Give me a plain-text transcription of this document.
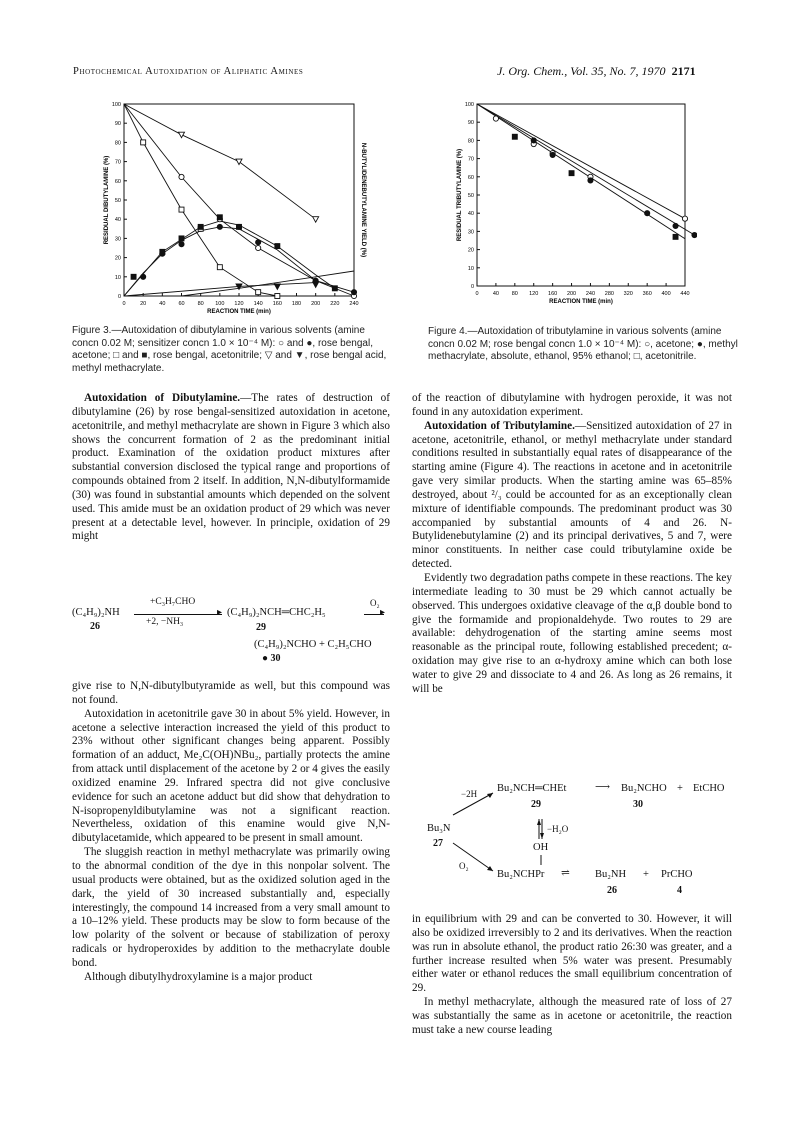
Photochemical Autoxidation of Aliphatic Amines	J. Org. Chem., Vol. 35, No. 7, 1970 2171
0	20 40 60 80 100 120 140 160 180 200 220 240
0
10
20
30
40
50
60
70
80
90
100
REACTION TIME (min)
RESIDUAL DIBUTYLAMINE (%)	N-BUTYLIDENEBUTYLAMINE YIELD (%)
Figure 3.—Autoxidation of dibutylamine in various solvents (amine concn 0.02 M; sensitizer concn 1.0 × 10⁻⁴ M): ○ and ●, rose bengal, acetone; □ and ■, rose bengal, acetonitrile; ▽ and ▼, rose bengal acid, methyl methacrylate.
0	40 80 120 160 200 240 280 320 360 400 440
0
10
20
30
40
50
60
70
80
90
100
REACTION TIME (min)
RESIDUAL TRIBUTYLAMINE (%)
Figure 4.—Autoxidation of tributylamine in various solvents (amine concn 0.02 M; rose bengal concn 1.0 × 10⁻⁴ M): ○, acetone; ●, methyl methacrylate, absolute, ethanol, 95% ethanol; □, acetonitrile.

Autoxidation of Dibutylamine.—The rates of destruction of dibutylamine (26) by rose bengal-sensitized autoxidation in acetone, acetonitrile, and methyl methacrylate are shown in Figure 3 which also shows the concurrent formation of 2 as the predominant initial product. Examination of the oxidation product mixtures after substantial conversion disclosed the typical range and proportions of compounds obtained from 2 itself. In addition, N,N-dibutylformamide (30) was found in substantial amounts which depended on the solvent used. This amide must be an oxidation product of 29 which was never present at a detectable level, however. In principle, oxidation of 29 might

(C₄H₉)₂NH
26
+C₃H₇CHO
▸
+2, −NH₃
(C₄H₉)₂NCH═CHC₂H₅
29
O₂
▸
(C₄H₉)₂NCHO + C₂H₅CHO
● 30

give rise to N,N-dibutylbutyramide as well, but this compound was not found.

Autoxidation in acetonitrile gave 30 in about 5% yield. However, in acetone a selective interaction increased the yield of this product to 23% without other significant changes being apparent. Possibly formation of an adduct, Me₂C(OH)NBu₂, partially protects the amine from attack until displacement of the acetone by 2 or 4 gives the easily oxidized enamine 29. Infrared spectra did not give conclusive evidence for such an acetone adduct but did show that dehydration to N-isopropenyldibutylamine was not a significant reaction. Nevertheless, oxidation of this enamine would give N,N-dibutylacetamide, which appeared to be present in small amount.

The sluggish reaction in methyl methacrylate was primarily owing to the abnormal condition of the dye in this nonpolar solvent. The usual products were obtained, but as the oxidized solution aged in the dark, the yield of 30 increased substantially and, especially interestingly, the compound 14 increased from a very small amount to a 10–12% yield. These products may be slow to form because of the low polarity of the solvent or because of stabilization of peroxy radicals or hydroperoxides by addition to the methacrylate double bond.

Although dibutylhydroxylamine is a major product

of the reaction of dibutylamine with hydrogen peroxide, it was not found in any autoxidation experiment.

Autoxidation of Tributylamine.—Sensitized autoxidation of 27 in acetone, acetonitrile, ethanol, or methyl methacrylate under standard conditions resulted in substantially equal rates of disappearance of the starting amine (Figure 4). The reactions in acetone and in acetonitrile gave very similar products. When the starting amine was 65–85% destroyed, about ²/₃ could be accounted for as an exceptionally clean mixture of identifiable compounds. The predominant product was 30 accompanied by substantial amounts of 4 and 26. N-Butylidenebutylamine (2) and its principal derivatives, 5 and 7, were minor constituents. In neither case could tributylamine oxide be detected.

Evidently two degradation paths compete in these reactions. The key intermediate leading to 30 must be 29 which cannot actually be observed. This undergoes oxidative cleavage of the α,β double bond to give the formamide and propionaldehyde. Two routes to 29 are available: dehydrogenation of the starting amine seems most reasonable as the principal route, following established precedent; α-oxidation may give rise to an α-hydroxy amine which can both lose water to give 29 and dissociate to 4 and 26. As long as 26 remains, it will be

Bu₃N
27
−2H
O₂
Bu₂NCH═CHEt
29
⟶ Bu₂NCHO + EtCHO
30
−H₂O
OH
Bu₂NCHPr ⇌ Bu₂NH + PrCHO
26	4

in equilibrium with 29 and can be converted to 30. However, it will also be oxidized irreversibly to 2 and its derivatives. When the reaction was run in absolute ethanol, the product ratio 26:30 was greater, and a further increase resulted when 5% water was present. Presumably either water or ethanol reduces the small equilibrium concentration of 29.

In methyl methacrylate, although the measured rate of loss of 27 was substantially the same as in acetone or acetonitrile, the reaction must take a new course leading
